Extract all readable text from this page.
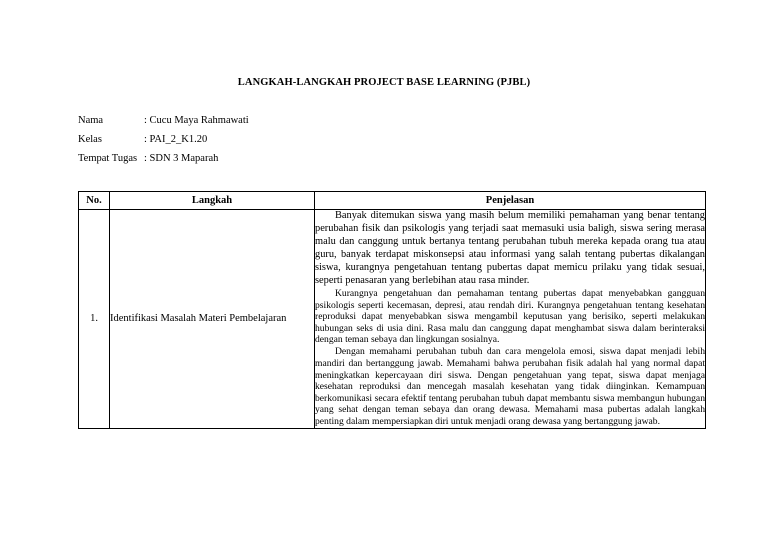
LANGKAH-LANGKAH PROJECT BASE LEARNING (PJBL)
Nama	: Cucu Maya Rahmawati
Kelas	: PAI_2_K1.20
Tempat Tugas : SDN 3 Maparah
No.	Langkah	Penjelasan
1.	Identifikasi Masalah Materi Pembelajaran	Banyak ditemukan siswa yang masih belum memiliki pemahaman yang benar tentang perubahan fisik dan psikologis yang terjadi saat memasuki usia baligh, siswa sering merasa malu dan canggung untuk bertanya tentang perubahan tubuh mereka kepada orang tua atau guru, banyak terdapat miskonsepsi atau informasi yang salah tentang pubertas dikalangan siswa, kurangnya pengetahuan tentang pubertas dapat memicu prilaku yang tidak sesuai, seperti penasaran yang berlebihan atau rasa minder.

Kurangnya pengetahuan dan pemahaman tentang pubertas dapat menyebabkan gangguan psikologis seperti kecemasan, depresi, atau rendah diri. Kurangnya pengetahuan tentang kesehatan reproduksi dapat menyebabkan siswa mengambil keputusan yang berisiko, seperti melakukan hubungan seks di usia dini. Rasa malu dan canggung dapat menghambat siswa dalam berinteraksi dengan teman sebaya dan lingkungan sosialnya.

Dengan memahami perubahan tubuh dan cara mengelola emosi, siswa dapat menjadi lebih mandiri dan bertanggung jawab. Memahami bahwa perubahan fisik adalah hal yang normal dapat meningkatkan kepercayaan diri siswa. Dengan pengetahuan yang tepat, siswa dapat menjaga kesehatan reproduksi dan mencegah masalah kesehatan yang tidak diinginkan. Kemampuan berkomunikasi secara efektif tentang perubahan tubuh dapat membantu siswa membangun hubungan yang sehat dengan teman sebaya dan orang dewasa. Memahami masa pubertas adalah langkah penting dalam mempersiapkan diri untuk menjadi orang dewasa yang bertanggung jawab.
